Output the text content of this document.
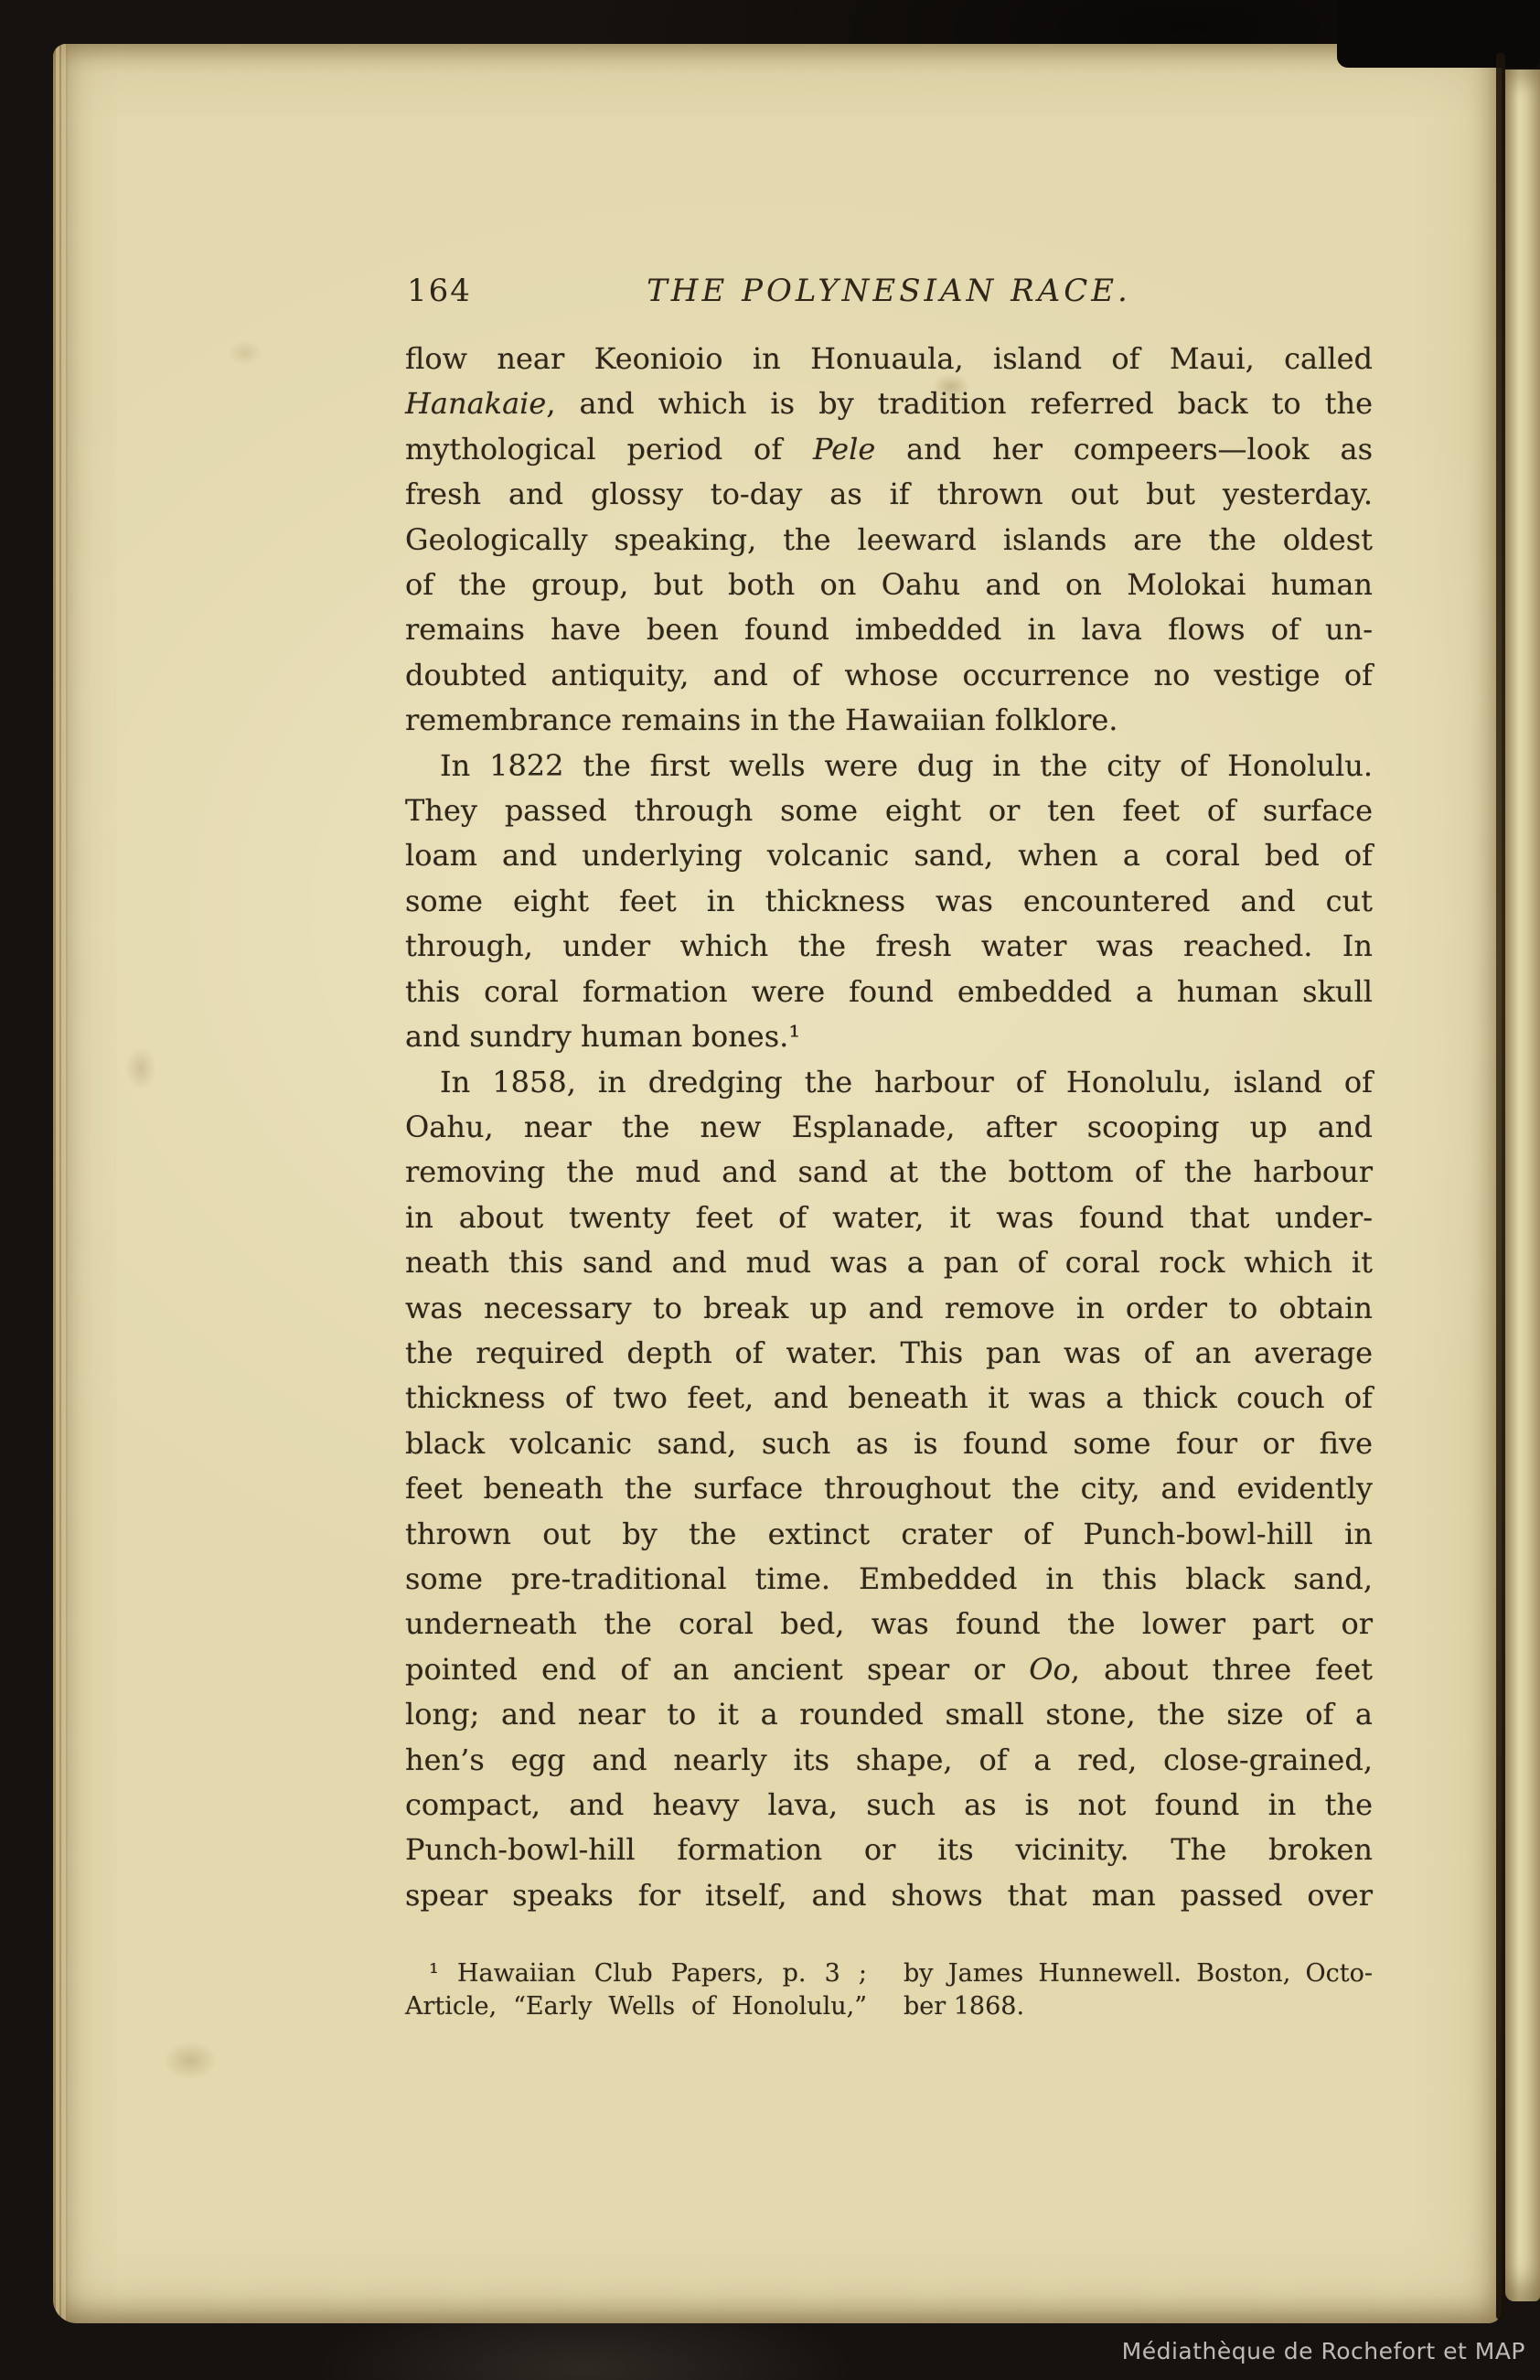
164	THE POLYNESIAN RACE.
flow near Keonioio in Honuaula, island of Maui, called
Hanakaie, and which is by tradition referred back to the
mythological period of Pele and her compeers—look as
fresh and glossy to-day as if thrown out but yesterday.
Geologically speaking, the leeward islands are the oldest
of the group, but both on Oahu and on Molokai human
remains have been found imbedded in lava flows of un-
doubted antiquity, and of whose occurrence no vestige of
remembrance remains in the Hawaiian folklore.
In 1822 the first wells were dug in the city of Honolulu.
They passed through some eight or ten feet of surface
loam and underlying volcanic sand, when a coral bed of
some eight feet in thickness was encountered and cut
through, under which the fresh water was reached. In
this coral formation were found embedded a human skull
and sundry human bones.¹
In 1858, in dredging the harbour of Honolulu, island of
Oahu, near the new Esplanade, after scooping up and
removing the mud and sand at the bottom of the harbour
in about twenty feet of water, it was found that under-
neath this sand and mud was a pan of coral rock which it
was necessary to break up and remove in order to obtain
the required depth of water. This pan was of an average
thickness of two feet, and beneath it was a thick couch of
black volcanic sand, such as is found some four or five
feet beneath the surface throughout the city, and evidently
thrown out by the extinct crater of Punch-bowl-hill in
some pre-traditional time. Embedded in this black sand,
underneath the coral bed, was found the lower part or
pointed end of an ancient spear or Oo, about three feet
long; and near to it a rounded small stone, the size of a
hen’s egg and nearly its shape, of a red, close-grained,
compact, and heavy lava, such as is not found in the
Punch-bowl-hill formation or its vicinity. The broken
spear speaks for itself, and shows that man passed over
¹ Hawaiian Club Papers, p. 3 ;
Article, “Early Wells of Honolulu,”
by James Hunnewell. Boston, Octo-
ber 1868.
Médiathèque de Rochefort et MAP
